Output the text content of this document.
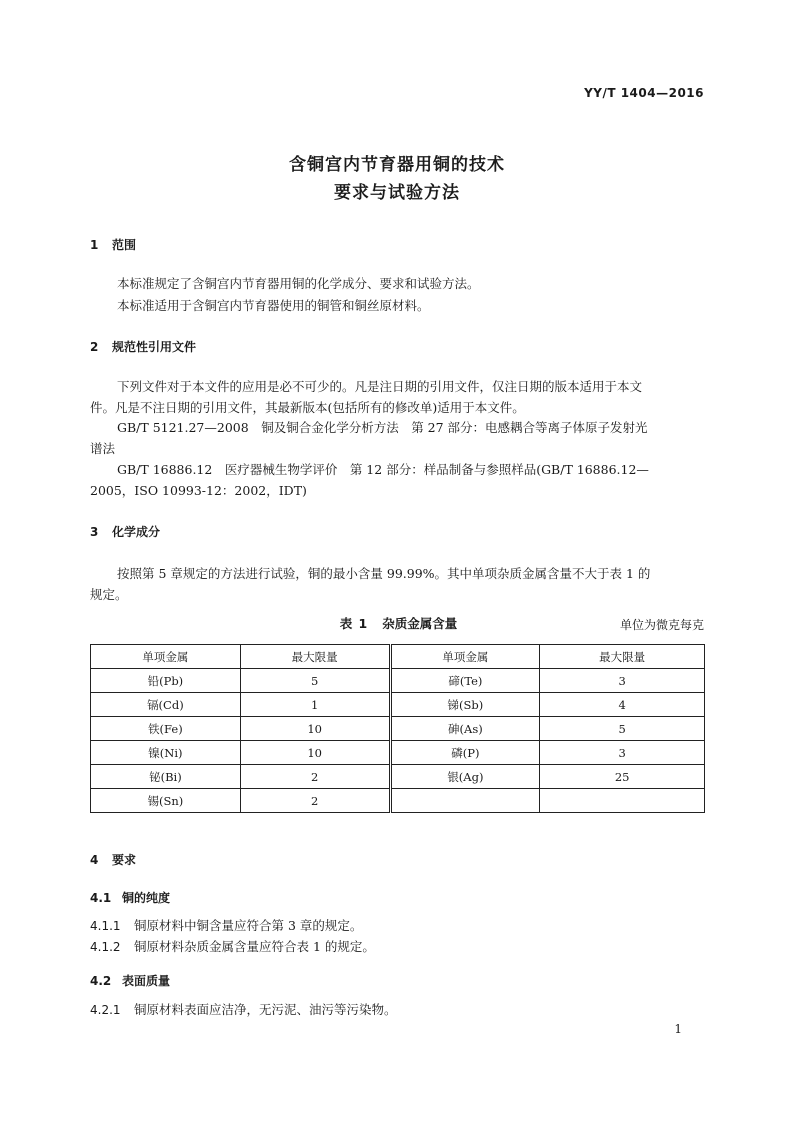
YY/T 1404—2016
含铜宫内节育器用铜的技术
要求与试验方法
1 范围
本标准规定了含铜宫内节育器用铜的化学成分、要求和试验方法。
本标准适用于含铜宫内节育器使用的铜管和铜丝原材料。
2 规范性引用文件
下列文件对于本文件的应用是必不可少的。凡是注日期的引用文件，仅注日期的版本适用于本文
件。凡是不注日期的引用文件，其最新版本(包括所有的修改单)适用于本文件。
GB/T 5121.27—2008　铜及铜合金化学分析方法　第 27 部分：电感耦合等离子体原子发射光
谱法
GB/T 16886.12　医疗器械生物学评价　第 12 部分：样品制备与参照样品(GB/T 16886.12—
2005，ISO 10993-12：2002，IDT)
3 化学成分
按照第 5 章规定的方法进行试验，铜的最小含量 99.99%。其中单项杂质金属含量不大于表 1 的
规定。
表 1 杂质金属含量	单位为微克每克
单项金属	最大限量	单项金属	最大限量
铅(Pb)	5	碲(Te)	3
镉(Cd)	1	锑(Sb)	4
铁(Fe)	10	砷(As)	5
镍(Ni)	10	磷(P)	3
铋(Bi)	2	银(Ag)	25
锡(Sn)	2		
4 要求
4.1 铜的纯度
4.1.1 铜原材料中铜含量应符合第 3 章的规定。
4.1.2 铜原材料杂质金属含量应符合表 1 的规定。
4.2 表面质量
4.2.1 铜原材料表面应洁净，无污泥、油污等污染物。
1
